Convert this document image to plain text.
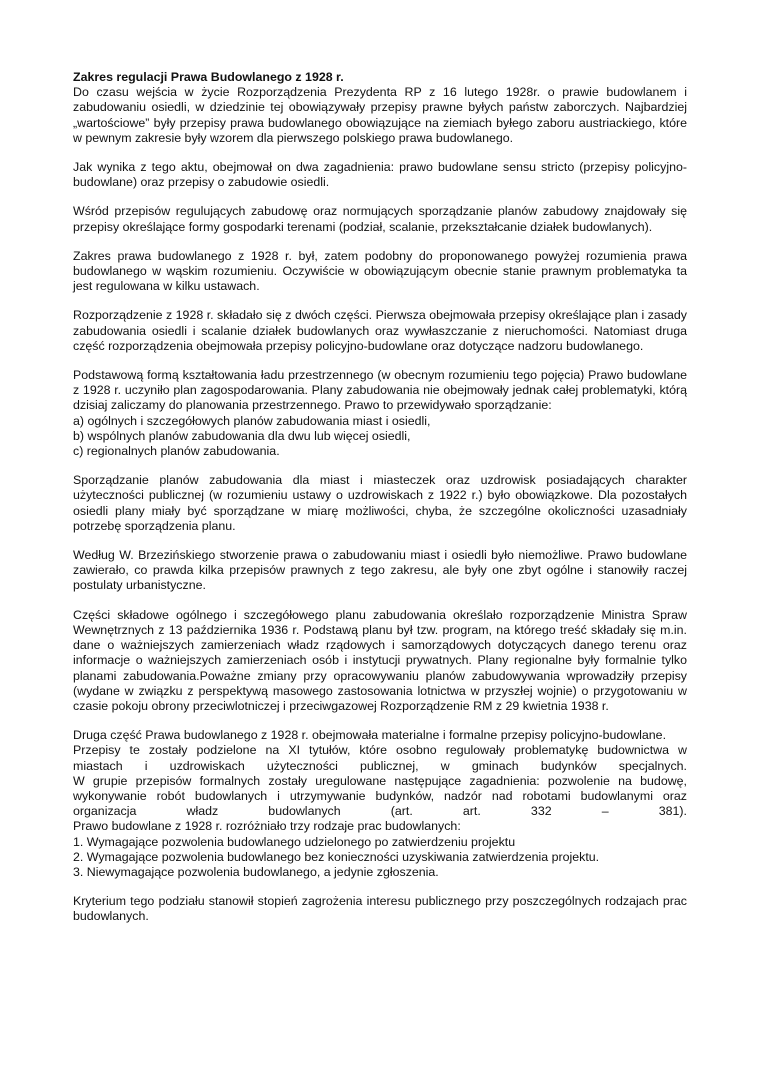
Zakres regulacji Prawa Budowlanego z 1928 r.
Do czasu wejścia w życie Rozporządzenia Prezydenta RP z 16 lutego 1928r. o prawie budowlanem i zabudowaniu osiedli, w dziedzinie tej obowiązywały przepisy prawne byłych państw zaborczych. Najbardziej „wartościowe” były przepisy prawa budowlanego obowiązujące na ziemiach byłego zaboru austriackiego, które w pewnym zakresie były wzorem dla pierwszego polskiego prawa budowlanego.

Jak wynika z tego aktu, obejmował on dwa zagadnienia: prawo budowlane sensu stricto (przepisy policyjno-budowlane) oraz przepisy o zabudowie osiedli.

Wśród przepisów regulujących zabudowę oraz normujących sporządzanie planów zabudowy znajdowały się przepisy określające formy gospodarki terenami (podział, scalanie, przekształcanie działek budowlanych).

Zakres prawa budowlanego z 1928 r. był, zatem podobny do proponowanego powyżej rozumienia prawa budowlanego w wąskim rozumieniu. Oczywiście w obowiązującym obecnie stanie prawnym problematyka ta jest regulowana w kilku ustawach.

Rozporządzenie z 1928 r. składało się z dwóch części. Pierwsza obejmowała przepisy określające plan i zasady zabudowania osiedli i scalanie działek budowlanych oraz wywłaszczanie z nieruchomości. Natomiast druga część rozporządzenia obejmowała przepisy policyjno-budowlane oraz dotyczące nadzoru budowlanego.

Podstawową formą kształtowania ładu przestrzennego (w obecnym rozumieniu tego pojęcia) Prawo budowlane z 1928 r. uczyniło plan zagospodarowania. Plany zabudowania nie obejmowały jednak całej problematyki, którą dzisiaj zaliczamy do planowania przestrzennego. Prawo to przewidywało sporządzanie:
a) ogólnych i szczegółowych planów zabudowania miast i osiedli,
b) wspólnych planów zabudowania dla dwu lub więcej osiedli,
c) regionalnych planów zabudowania.

Sporządzanie planów zabudowania dla miast i miasteczek oraz uzdrowisk posiadających charakter użyteczności publicznej (w rozumieniu ustawy o uzdrowiskach z 1922 r.) było obowiązkowe. Dla pozostałych osiedli plany miały być sporządzane w miarę możliwości, chyba, że szczególne okoliczności uzasadniały potrzebę sporządzenia planu.

Według W. Brzezińskiego stworzenie prawa o zabudowaniu miast i osiedli było niemożliwe. Prawo budowlane zawierało, co prawda kilka przepisów prawnych z tego zakresu, ale były one zbyt ogólne i stanowiły raczej postulaty urbanistyczne.

Części składowe ogólnego i szczegółowego planu zabudowania określało rozporządzenie Ministra Spraw Wewnętrznych z 13 października 1936 r. Podstawą planu był tzw. program, na którego treść składały się m.in. dane o ważniejszych zamierzeniach władz rządowych i samorządowych dotyczących danego terenu oraz informacje o ważniejszych zamierzeniach osób i instytucji prywatnych. Plany regionalne były formalnie tylko planami zabudowania.Poważne zmiany przy opracowywaniu planów zabudowywania wprowadziły przepisy (wydane w związku z perspektywą masowego zastosowania lotnictwa w przyszłej wojnie) o przygotowaniu w czasie pokoju obrony przeciwlotniczej i przeciwgazowej Rozporządzenie RM z 29 kwietnia 1938 r.

Druga część Prawa budowlanego z 1928 r. obejmowała materialne i formalne przepisy policyjno-budowlane.
Przepisy te zostały podzielone na XI tytułów, które osobno regulowały problematykę budownictwa w
miastach i uzdrowiskach użyteczności publicznej, w gminach budynków specjalnych.
W grupie przepisów formalnych zostały uregulowane następujące zagadnienia: pozwolenie na budowę,
wykonywanie robót budowlanych i utrzymywanie budynków, nadzór nad robotami budowlanymi oraz
organizacja władz budowlanych (art. art. 332 – 381).
Prawo budowlane z 1928 r. rozróżniało trzy rodzaje prac budowlanych:
1. Wymagające pozwolenia budowlanego udzielonego po zatwierdzeniu projektu
2. Wymagające pozwolenia budowlanego bez konieczności uzyskiwania zatwierdzenia projektu.
3. Niewymagające pozwolenia budowlanego, a jedynie zgłoszenia.

Kryterium tego podziału stanowił stopień zagrożenia interesu publicznego przy poszczególnych rodzajach prac budowlanych.
